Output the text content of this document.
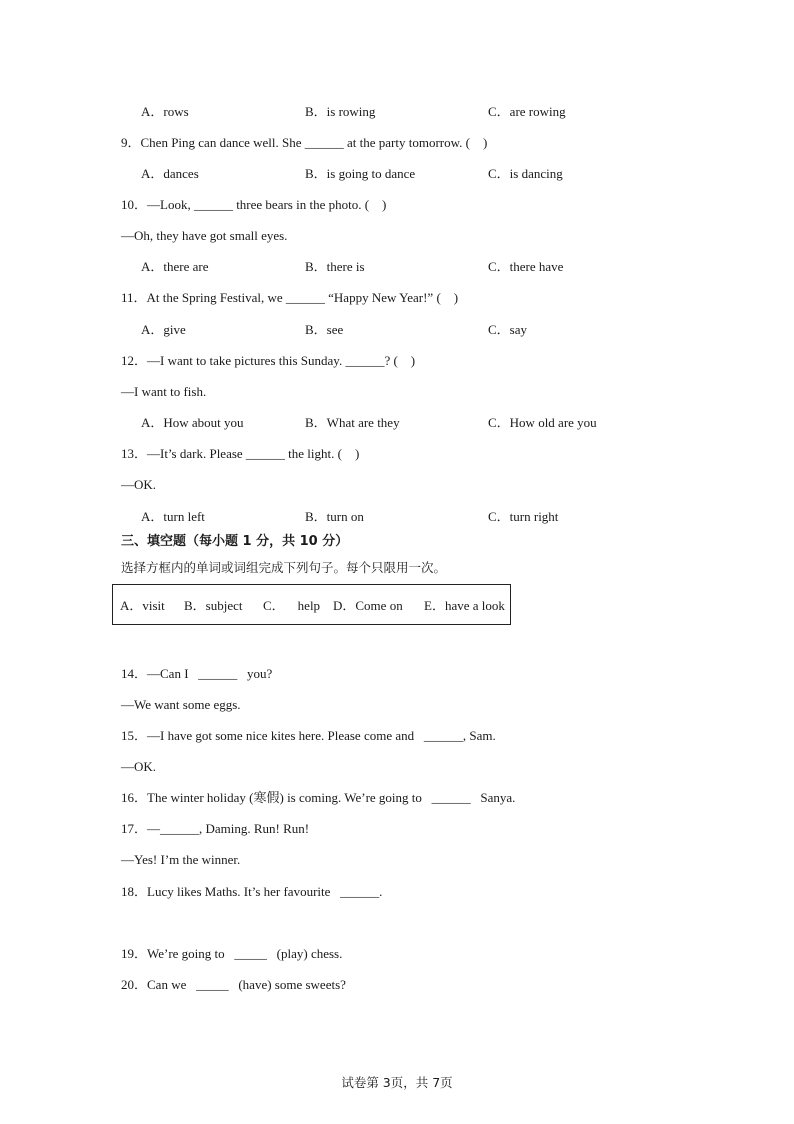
A．rows	B．is rowing	C．are rowing
9．Chen Ping can dance well. She ______ at the party tomorrow. ( )
A．dances	B．is going to dance	C．is dancing
10．—Look, ______ three bears in the photo. ( )
—Oh, they have got small eyes.
A．there are	B．there is	C．there have
11．At the Spring Festival, we ______ “Happy New Year!” ( )
A．give	B．see	C．say
12．—I want to take pictures this Sunday. ______? ( )
—I want to fish.
A．How about you	B．What are they	C．How old are you
13．—It’s dark. Please ______ the light. ( )
—OK.
A．turn left	B．turn on	C．turn right
三、填空题（每小题 1 分，共 10 分）
选择方框内的单词或词组完成下列句子。每个只限用一次。
A．visit B．subject C． help D．Come on E．have a look
14．—Can I  ______  you?
—We want some eggs.
15．—I have got some nice kites here. Please come and  ______, Sam.
—OK.
16．The winter holiday (寒假) is coming. We’re going to  ______  Sanya.
17．—______, Daming. Run! Run!
—Yes! I’m the winner.
18．Lucy likes Maths. It’s her favourite  ______.
19．We’re going to  _____  (play) chess.
20．Can we  _____  (have) some sweets?
试卷第 3页，共 7页
